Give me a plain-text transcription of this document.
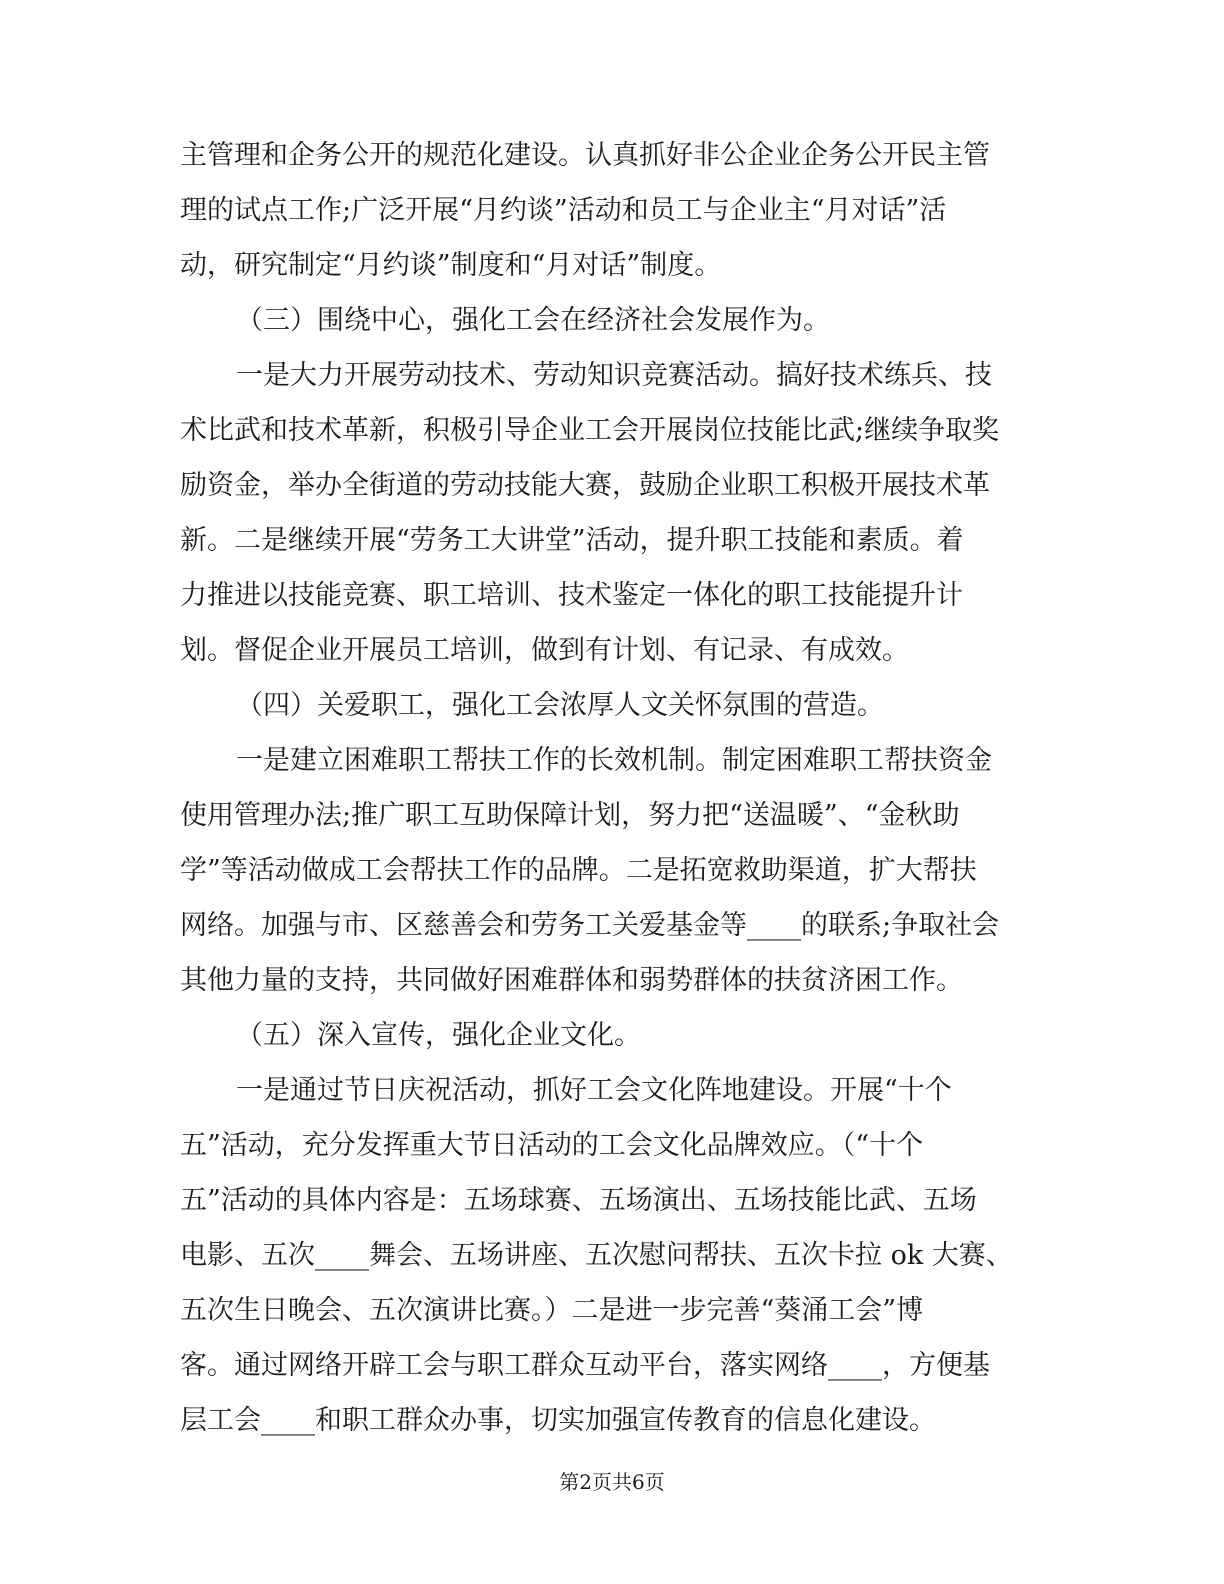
主管理和企务公开的规范化建设。认真抓好非公企业企务公开民主管
理的试点工作;广泛开展“月约谈”活动和员工与企业主“月对话”活
动，研究制定“月约谈”制度和“月对话”制度。
（三）围绕中心，强化工会在经济社会发展作为。
一是大力开展劳动技术、劳动知识竞赛活动。搞好技术练兵、技
术比武和技术革新，积极引导企业工会开展岗位技能比武;继续争取奖
励资金，举办全街道的劳动技能大赛，鼓励企业职工积极开展技术革
新。二是继续开展“劳务工大讲堂”活动，提升职工技能和素质。着
力推进以技能竞赛、职工培训、技术鉴定一体化的职工技能提升计
划。督促企业开展员工培训，做到有计划、有记录、有成效。
（四）关爱职工，强化工会浓厚人文关怀氛围的营造。
一是建立困难职工帮扶工作的长效机制。制定困难职工帮扶资金
使用管理办法;推广职工互助保障计划，努力把“送温暖”、“金秋助
学”等活动做成工会帮扶工作的品牌。二是拓宽救助渠道，扩大帮扶
网络。加强与市、区慈善会和劳务工关爱基金等____的联系;争取社会
其他力量的支持，共同做好困难群体和弱势群体的扶贫济困工作。
（五）深入宣传，强化企业文化。
一是通过节日庆祝活动，抓好工会文化阵地建设。开展“十个
五”活动，充分发挥重大节日活动的工会文化品牌效应。（“十个
五”活动的具体内容是：五场球赛、五场演出、五场技能比武、五场
电影、五次____舞会、五场讲座、五次慰问帮扶、五次卡拉 ok 大赛、
五次生日晚会、五次演讲比赛。）二是进一步完善“葵涌工会”博
客。通过网络开辟工会与职工群众互动平台，落实网络____，方便基
层工会____和职工群众办事，切实加强宣传教育的信息化建设。
第2页共6页
